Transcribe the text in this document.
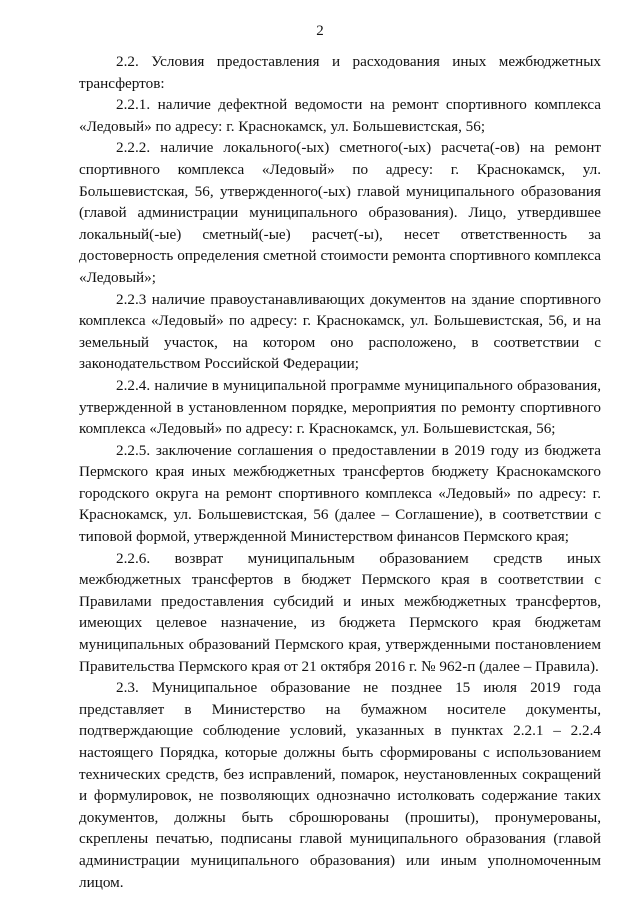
2

2.2. Условия предоставления и расходования иных межбюджетных трансфертов:

2.2.1. наличие дефектной ведомости на ремонт спортивного комплекса «Ледовый» по адресу: г. Краснокамск, ул. Большевистская, 56;

2.2.2. наличие локального(-ых) сметного(-ых) расчета(-ов) на ремонт спортивного комплекса «Ледовый» по адресу: г. Краснокамск, ул. Большевистская, 56, утвержденного(-ых) главой муниципального образования (главой администрации муниципального образования). Лицо, утвердившее локальный(-ые) сметный(-ые) расчет(-ы), несет ответственность за достоверность определения сметной стоимости ремонта спортивного комплекса «Ледовый»;

2.2.3 наличие правоустанавливающих документов на здание спортивного комплекса «Ледовый» по адресу: г. Краснокамск, ул. Большевистская, 56, и на земельный участок, на котором оно расположено, в соответствии с законодательством Российской Федерации;

2.2.4. наличие в муниципальной программе муниципального образования, утвержденной в установленном порядке, мероприятия по ремонту спортивного комплекса «Ледовый» по адресу: г. Краснокамск, ул. Большевистская, 56;

2.2.5. заключение соглашения о предоставлении в 2019 году из бюджета Пермского края иных межбюджетных трансфертов бюджету Краснокамского городского округа на ремонт спортивного комплекса «Ледовый» по адресу: г. Краснокамск, ул. Большевистская, 56 (далее – Соглашение), в соответствии с типовой формой, утвержденной Министерством финансов Пермского края;

2.2.6. возврат муниципальным образованием средств иных межбюджетных трансфертов в бюджет Пермского края в соответствии с Правилами предоставления субсидий и иных межбюджетных трансфертов, имеющих целевое назначение, из бюджета Пермского края бюджетам муниципальных образований Пермского края, утвержденными постановлением Правительства Пермского края от 21 октября 2016 г. № 962-п (далее – Правила).

2.3. Муниципальное образование не позднее 15 июля 2019 года представляет в Министерство на бумажном носителе документы, подтверждающие соблюдение условий, указанных в пунктах 2.2.1 – 2.2.4 настоящего Порядка, которые должны быть сформированы с использованием технических средств, без исправлений, помарок, неустановленных сокращений и формулировок, не позволяющих однозначно истолковать содержание таких документов, должны быть сброшюрованы (прошиты), пронумерованы, скреплены печатью, подписаны главой муниципального образования (главой администрации муниципального образования) или иным уполномоченным лицом.
